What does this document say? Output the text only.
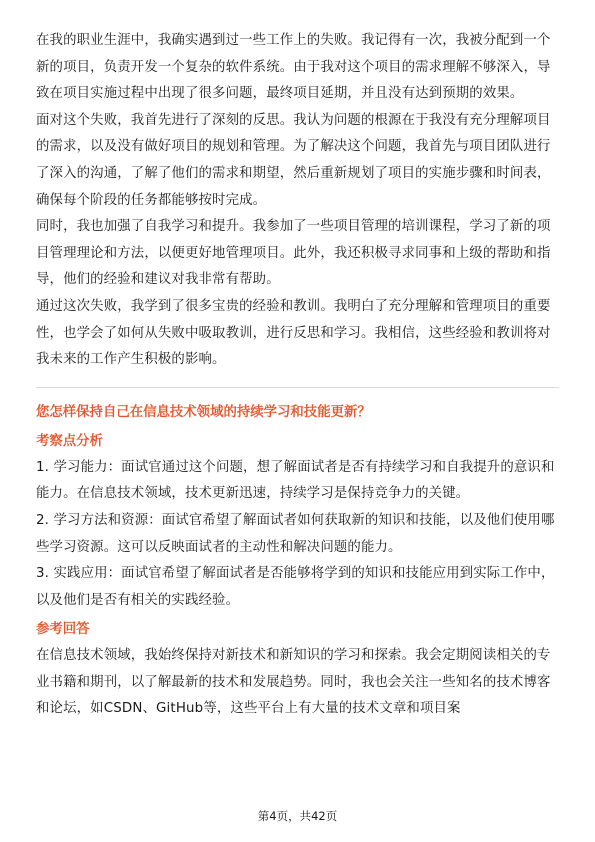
在我的职业生涯中，我确实遇到过一些工作上的失败。我记得有一次，我被分配到一个新的项目，负责开发一个复杂的软件系统。由于我对这个项目的需求理解不够深入，导致在项目实施过程中出现了很多问题，最终项目延期，并且没有达到预期的效果。

面对这个失败，我首先进行了深刻的反思。我认为问题的根源在于我没有充分理解项目的需求，以及没有做好项目的规划和管理。为了解决这个问题，我首先与项目团队进行了深入的沟通，了解了他们的需求和期望，然后重新规划了项目的实施步骤和时间表，确保每个阶段的任务都能够按时完成。

同时，我也加强了自我学习和提升。我参加了一些项目管理的培训课程，学习了新的项目管理理论和方法，以便更好地管理项目。此外，我还积极寻求同事和上级的帮助和指导，他们的经验和建议对我非常有帮助。

通过这次失败，我学到了很多宝贵的经验和教训。我明白了充分理解和管理项目的重要性，也学会了如何从失败中吸取教训，进行反思和学习。我相信，这些经验和教训将对我未来的工作产生积极的影响。

您怎样保持自己在信息技术领域的持续学习和技能更新？

考察点分析

1. 学习能力：面试官通过这个问题，想了解面试者是否有持续学习和自我提升的意识和能力。在信息技术领域，技术更新迅速，持续学习是保持竞争力的关键。

2. 学习方法和资源：面试官希望了解面试者如何获取新的知识和技能，以及他们使用哪些学习资源。这可以反映面试者的主动性和解决问题的能力。

3. 实践应用：面试官希望了解面试者是否能够将学到的知识和技能应用到实际工作中，以及他们是否有相关的实践经验。

参考回答

在信息技术领域，我始终保持对新技术和新知识的学习和探索。我会定期阅读相关的专业书籍和期刊，以了解最新的技术和发展趋势。同时，我也会关注一些知名的技术博客和论坛，如CSDN、GitHub等，这些平台上有大量的技术文章和项目案

第4页，共42页
